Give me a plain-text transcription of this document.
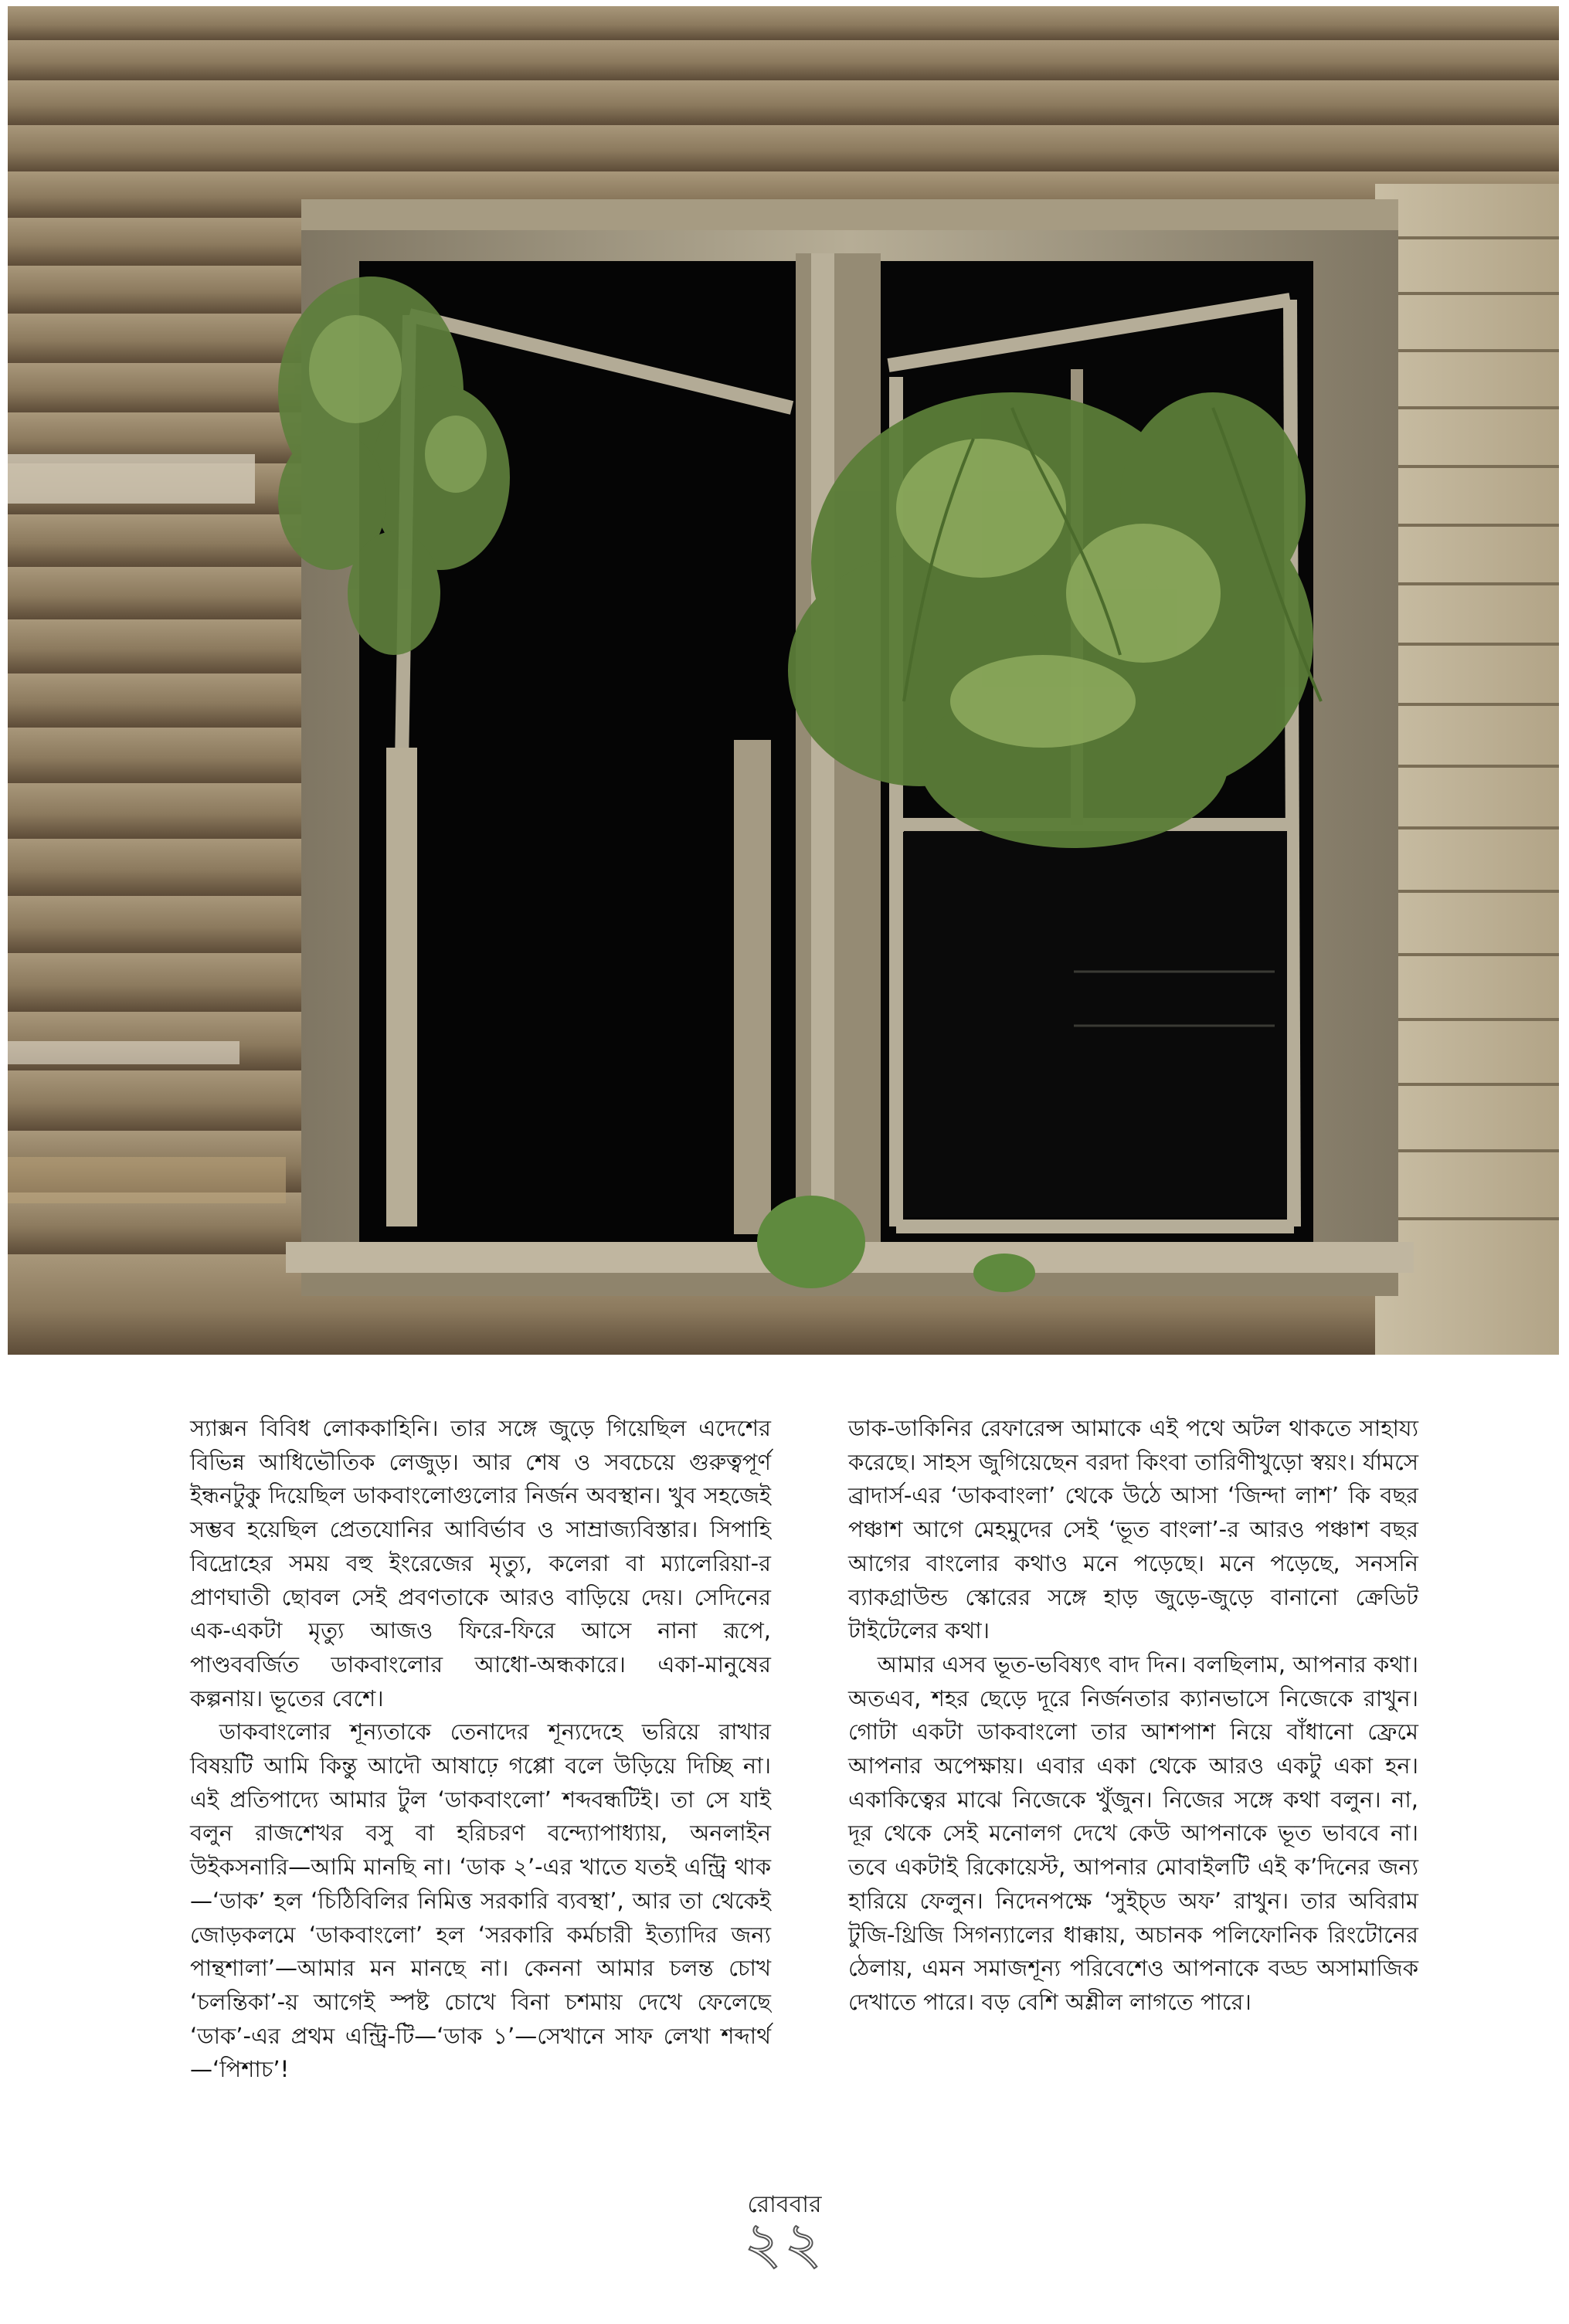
স্যাক্সন বিবিধ লোককাহিনি। তার সঙ্গে জুড়ে গিয়েছিল এদেশের বিভিন্ন আধিভৌতিক লেজুড়। আর শেষ ও সবচেয়ে গুরুত্বপূর্ণ ইন্ধনটুকু দিয়েছিল ডাকবাংলোগুলোর নির্জন অবস্থান। খুব সহজেই সম্ভব হয়েছিল প্রেতযোনির আবির্ভাব ও সাম্রাজ্যবিস্তার। সিপাহি বিদ্রোহের সময় বহু ইংরেজের মৃত্যু, কলেরা বা ম্যালেরিয়া-র প্রাণঘাতী ছোবল সেই প্রবণতাকে আরও বাড়িয়ে দেয়। সেদিনের এক-একটা মৃত্যু আজও ফিরে-ফিরে আসে নানা রূপে, পাণ্ডববর্জিত ডাকবাংলোর আধো-অন্ধকারে। একা-মানুষের কল্পনায়। ভূতের বেশে।

ডাকবাংলোর শূন্যতাকে তেনাদের শূন্যদেহে ভরিয়ে রাখার বিষয়টি আমি কিন্তু আদৌ আষাঢ়ে গপ্পো বলে উড়িয়ে দিচ্ছি না। এই প্রতিপাদ্যে আমার টুল ‘ডাকবাংলো’ শব্দবন্ধটিই। তা সে যাই বলুন রাজশেখর বসু বা হরিচরণ বন্দ্যোপাধ্যায়, অনলাইন উইকসনারি—আমি মানছি না। ‘ডাক ২’-এর খাতে যতই এন্ট্রি থাক—‘ডাক’ হল ‘চিঠিবিলির নিমিত্ত সরকারি ব্যবস্থা’, আর তা থেকেই জোড়কলমে ‘ডাকবাংলো’ হল ‘সরকারি কর্মচারী ইত্যাদির জন্য পান্থশালা’—আমার মন মানছে না। কেননা আমার চলন্ত চোখ ‘চলন্তিকা’-য় আগেই স্পষ্ট চোখে বিনা চশমায় দেখে ফেলেছে ‘ডাক’-এর প্রথম এন্ট্রি-টি—‘ডাক ১’—সেখানে সাফ লেখা শব্দার্থ—‘পিশাচ’!

ডাক-ডাকিনির রেফারেন্স আমাকে এই পথে অটল থাকতে সাহায্য করেছে। সাহস জুগিয়েছেন বরদা কিংবা তারিণীখুড়ো স্বয়ং। র্যামসে ব্রাদার্স-এর ‘ডাকবাংলা’ থেকে উঠে আসা ‘জিন্দা লাশ’ কি বছর পঞ্চাশ আগে মেহমুদের সেই ‘ভূত বাংলা’-র আরও পঞ্চাশ বছর আগের বাংলোর কথাও মনে পড়েছে। মনে পড়েছে, সনসনি ব্যাকগ্রাউন্ড স্কোরের সঙ্গে হাড় জুড়ে-জুড়ে বানানো ক্রেডিট টাইটেলের কথা।

আমার এসব ভূত-ভবিষ্যৎ বাদ দিন। বলছিলাম, আপনার কথা। অতএব, শহর ছেড়ে দূরে নির্জনতার ক্যানভাসে নিজেকে রাখুন। গোটা একটা ডাকবাংলো তার আশপাশ নিয়ে বাঁধানো ফ্রেমে আপনার অপেক্ষায়। এবার একা থেকে আরও একটু একা হন। একাকিত্বের মাঝে নিজেকে খুঁজুন। নিজের সঙ্গে কথা বলুন। না, দূর থেকে সেই মনোলগ দেখে কেউ আপনাকে ভূত ভাববে না। তবে একটাই রিকোয়েস্ট, আপনার মোবাইলটি এই ক’দিনের জন্য হারিয়ে ফেলুন। নিদেনপক্ষে ‘সুইচ্‌ড অফ’ রাখুন। তার অবিরাম টুজি-থ্রিজি সিগন্যালের ধাক্কায়, অচানক পলিফোনিক রিংটোনের ঠেলায়, এমন সমাজশূন্য পরিবেশেও আপনাকে বড্ড অসামাজিক দেখাতে পারে। বড় বেশি অশ্লীল লাগতে পারে।

রোববার
২২
